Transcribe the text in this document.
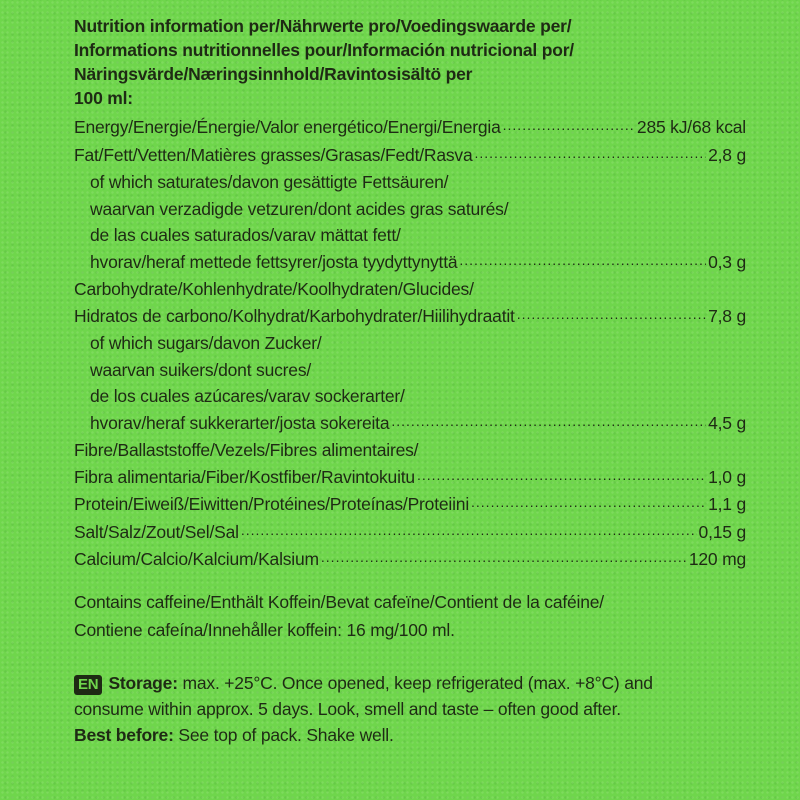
Nutrition information per/Nährwerte pro/Voedingswaarde per/
Informations nutritionnelles pour/Información nutricional por/
Näringsvärde/Næringsinnhold/Ravintosisältö per
100 ml:
Energy/Energie/Énergie/Valor energético/Energi/Energia .....	285 kJ/68 kcal
Fat/Fett/Vetten/Matières grasses/Grasas/Fedt/Rasva .....	2,8 g
of which saturates/davon gesättigte Fettsäuren/
waarvan verzadigde vetzuren/dont acides gras saturés/
de las cuales saturados/varav mättat fett/
hvorav/heraf mettede fettsyrer/josta tyydyttynyttä .....	0,3 g
Carbohydrate/Kohlenhydrate/Koolhydraten/Glucides/
Hidratos de carbono/Kolhydrat/Karbohydrater/Hiilihydraatit .....	7,8 g
of which sugars/davon Zucker/
waarvan suikers/dont sucres/
de los cuales azúcares/varav sockerarter/
hvorav/heraf sukkerarter/josta sokereita .....	4,5 g
Fibre/Ballaststoffe/Vezels/Fibres alimentaires/
Fibra alimentaria/Fiber/Kostfiber/Ravintokuitu .....	1,0 g
Protein/Eiweiß/Eiwitten/Protéines/Proteínas/Proteiini .....	1,1 g
Salt/Salz/Zout/Sel/Sal .....	0,15 g
Calcium/Calcio/Kalcium/Kalsium .....	120 mg
Contains caffeine/Enthält Koffein/Bevat cafeïne/Contient de la caféine/
Contiene cafeína/Innehåller koffein: 16 mg/100 ml.
EN Storage: max. +25°C. Once opened, keep refrigerated (max. +8°C) and
consume within approx. 5 days. Look, smell and taste – often good after.
Best before: See top of pack. Shake well.
